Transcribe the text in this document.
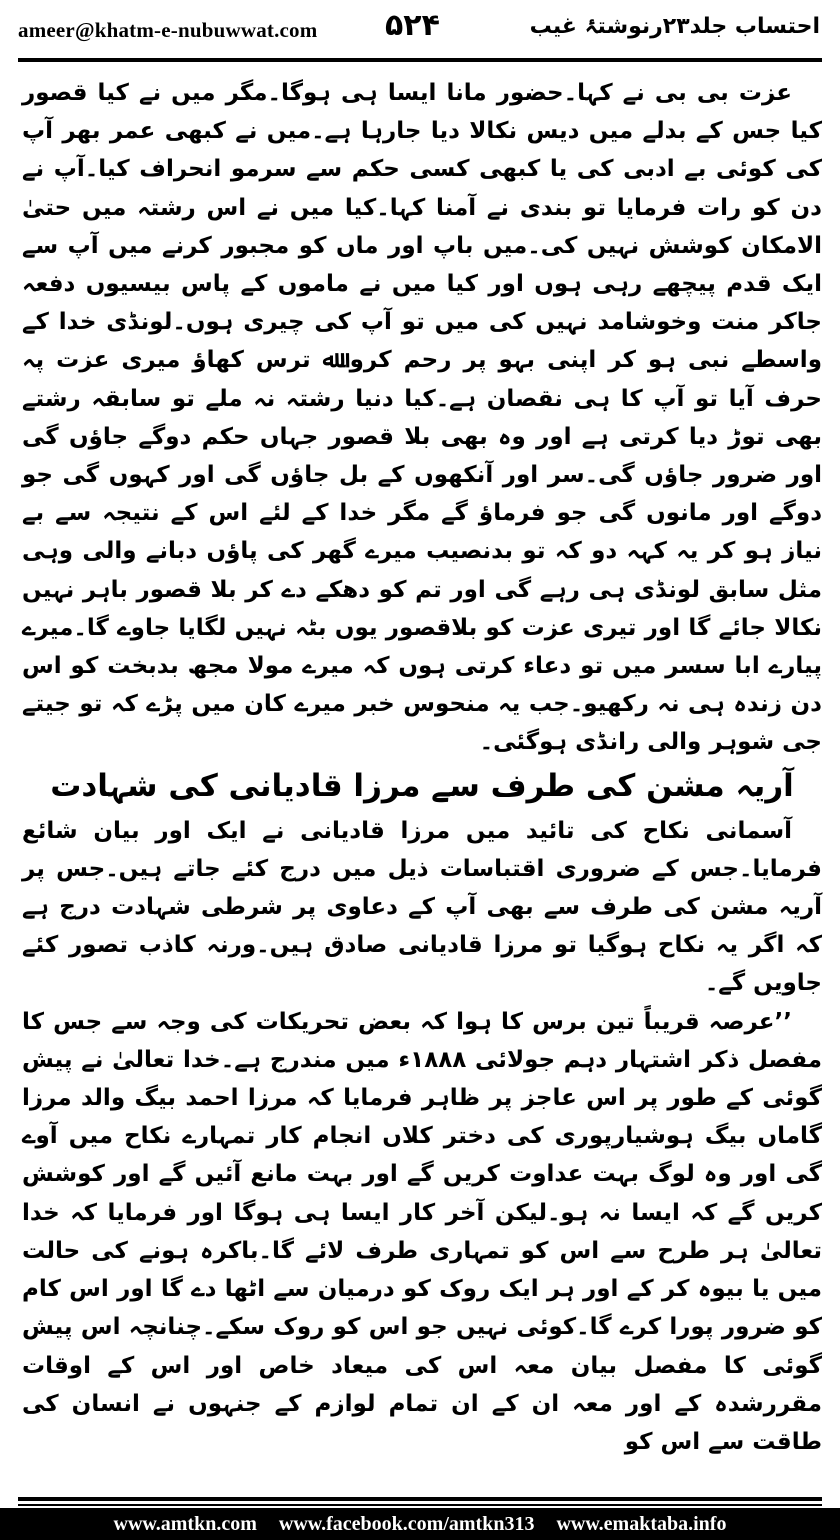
ameer@khatm-e-nubuwwat.com ۵۲۴	احتساب جلد۲۳رنوشتۂ غیب

عزت بی بی نے کہا۔حضور مانا ایسا ہی ہوگا۔مگر میں نے کیا قصور کیا جس کے بدلے میں دیس نکالا دیا جارہا ہے۔میں نے کبھی عمر بھر آپ کی کوئی بے ادبی کی یا کبھی کسی حکم سے سرمو انحراف کیا۔آپ نے دن کو رات فرمایا تو بندی نے آمنا کہا۔کیا میں نے اس رشتہ میں حتیٰ الامکان کوشش نہیں کی۔میں باپ اور ماں کو مجبور کرنے میں آپ سے ایک قدم پیچھے رہی ہوں اور کیا میں نے ماموں کے پاس بیسیوں دفعہ جاکر منت وخوشامد نہیں کی میں تو آپ کی چیری ہوں۔لونڈی خدا کے واسطے نبی ہو کر اپنی بہو پر رحم کرو۔ﷲ ترس کھاؤ میری عزت پہ حرف آیا تو آپ کا ہی نقصان ہے۔کیا دنیا رشتہ نہ ملے تو سابقہ رشتے بھی توڑ دیا کرتی ہے اور وہ بھی بلا قصور جہاں حکم دوگے جاؤں گی اور ضرور جاؤں گی۔سر اور آنکھوں کے بل جاؤں گی اور کہوں گی جو دوگے اور مانوں گی جو فرماؤ گے مگر خدا کے لئے اس کے نتیجہ سے بے نیاز ہو کر یہ کہہ دو کہ تو بدنصیب میرے گھر کی پاؤں دبانے والی وہی مثل سابق لونڈی ہی رہے گی اور تم کو دھکے دے کر بلا قصور باہر نہیں نکالا جائے گا اور تیری عزت کو بلاقصور یوں بٹہ نہیں لگایا جاوے گا۔میرے پیارے ابا سسر میں تو دعاء کرتی ہوں کہ میرے مولا مجھ بدبخت کو اس دن زندہ ہی نہ رکھیو۔جب یہ منحوس خبر میرے کان میں پڑے کہ تو جیتے جی شوہر والی رانڈی ہوگئی۔

آریہ مشن کی طرف سے مرزا قادیانی کی شہادت

آسمانی نکاح کی تائید میں مرزا قادیانی نے ایک اور بیان شائع فرمایا۔جس کے ضروری اقتباسات ذیل میں درج کئے جاتے ہیں۔جس پر آریہ مشن کی طرف سے بھی آپ کے دعاوی پر شرطی شہادت درج ہے کہ اگر یہ نکاح ہوگیا تو مرزا قادیانی صادق ہیں۔ورنہ کاذب تصور کئے جاویں گے۔

’’عرصہ قریباً تین برس کا ہوا کہ بعض تحریکات کی وجہ سے جس کا مفصل ذکر اشتہار دہم جولائی ۱۸۸۸ء میں مندرج ہے۔خدا تعالیٰ نے پیش گوئی کے طور پر اس عاجز پر ظاہر فرمایا کہ مرزا احمد بیگ والد مرزا گاماں بیگ ہوشیارپوری کی دختر کلاں انجام کار تمہارے نکاح میں آوے گی اور وہ لوگ بہت عداوت کریں گے اور بہت مانع آئیں گے اور کوشش کریں گے کہ ایسا نہ ہو۔لیکن آخر کار ایسا ہی ہوگا اور فرمایا کہ خدا تعالیٰ ہر طرح سے اس کو تمہاری طرف لائے گا۔باکرہ ہونے کی حالت میں یا بیوہ کر کے اور ہر ایک روک کو درمیان سے اٹھا دے گا اور اس کام کو ضرور پورا کرے گا۔کوئی نہیں جو اس کو روک سکے۔چنانچہ اس پیش گوئی کا مفصل بیان معہ اس کی میعاد خاص اور اس کے اوقات مقررشدہ کے اور معہ ان کے ان تمام لوازم کے جنہوں نے انسان کی طاقت سے اس کو

www.amtkn.com www.facebook.com/amtkn313 www.emaktaba.info
